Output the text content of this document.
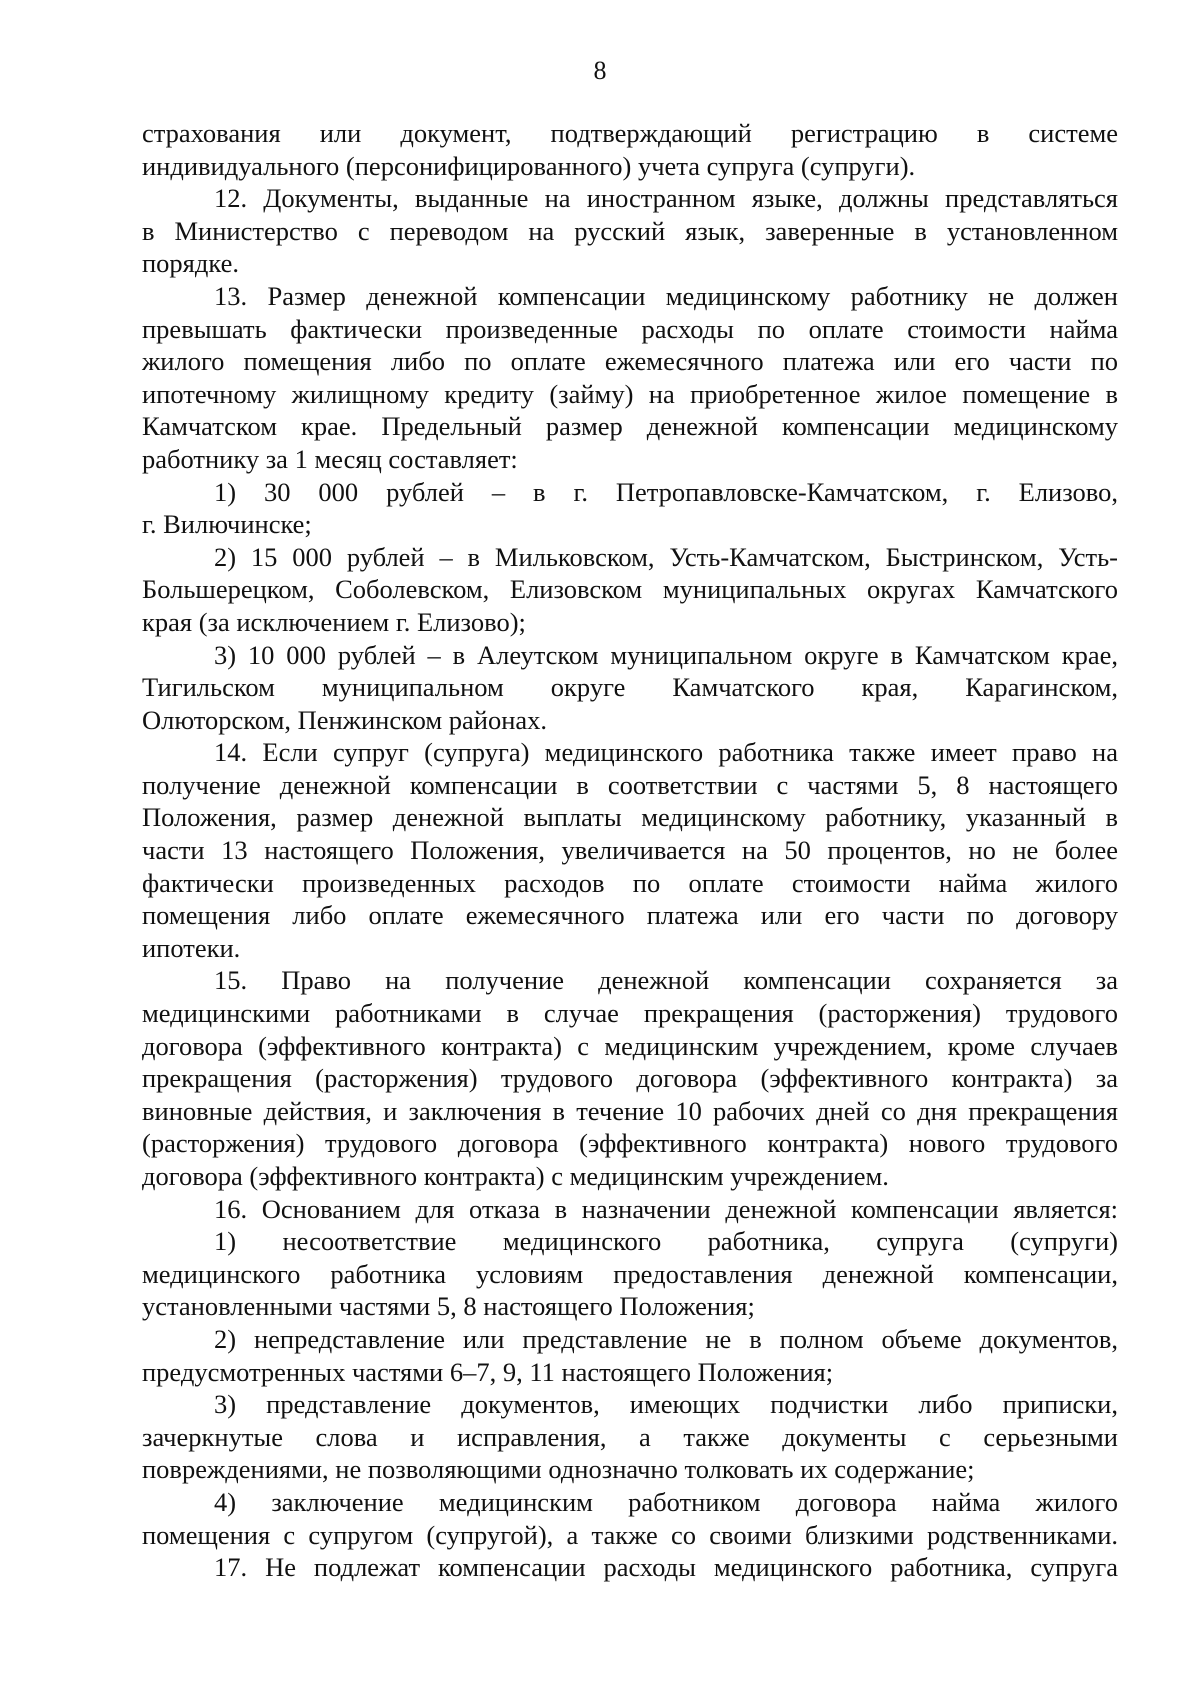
8
страхования или документ, подтверждающий регистрацию в системе
индивидуального (персонифицированного) учета супруга (супруги).
12. Документы, выданные на иностранном языке, должны представляться
в Министерство с переводом на русский язык, заверенные в установленном
порядке.
13. Размер денежной компенсации медицинскому работнику не должен
превышать фактически произведенные расходы по оплате стоимости найма
жилого помещения либо по оплате ежемесячного платежа или его части по
ипотечному жилищному кредиту (займу) на приобретенное жилое помещение в
Камчатском крае. Предельный размер денежной компенсации медицинскому
работнику за 1 месяц составляет:
1) 30 000 рублей – в г. Петропавловске-Камчатском, г. Елизово,
г. Вилючинске;
2) 15 000 рублей – в Мильковском, Усть-Камчатском, Быстринском, Усть-
Большерецком, Соболевском, Елизовском муниципальных округах Камчатского
края (за исключением г. Елизово);
3) 10 000 рублей – в Алеутском муниципальном округе в Камчатском крае,
Тигильском муниципальном округе Камчатского края, Карагинском,
Олюторском, Пенжинском районах.
14. Если супруг (супруга) медицинского работника также имеет право на
получение денежной компенсации в соответствии с частями 5, 8 настоящего
Положения, размер денежной выплаты медицинскому работнику, указанный в
части 13 настоящего Положения, увеличивается на 50 процентов, но не более
фактически произведенных расходов по оплате стоимости найма жилого
помещения либо оплате ежемесячного платежа или его части по договору
ипотеки.
15. Право на получение денежной компенсации сохраняется за
медицинскими работниками в случае прекращения (расторжения) трудового
договора (эффективного контракта) с медицинским учреждением, кроме случаев
прекращения (расторжения) трудового договора (эффективного контракта) за
виновные действия, и заключения в течение 10 рабочих дней со дня прекращения
(расторжения) трудового договора (эффективного контракта) нового трудового
договора (эффективного контракта) с медицинским учреждением.
16. Основанием для отказа в назначении денежной компенсации является:
1) несоответствие медицинского работника, супруга (супруги)
медицинского работника условиям предоставления денежной компенсации,
установленными частями 5, 8 настоящего Положения;
2) непредставление или представление не в полном объеме документов,
предусмотренных частями 6–7, 9, 11 настоящего Положения;
3) представление документов, имеющих подчистки либо приписки,
зачеркнутые слова и исправления, а также документы с серьезными
повреждениями, не позволяющими однозначно толковать их содержание;
4) заключение медицинским работником договора найма жилого
помещения с супругом (супругой), а также со своими близкими родственниками.
17. Не подлежат компенсации расходы медицинского работника, супруга
